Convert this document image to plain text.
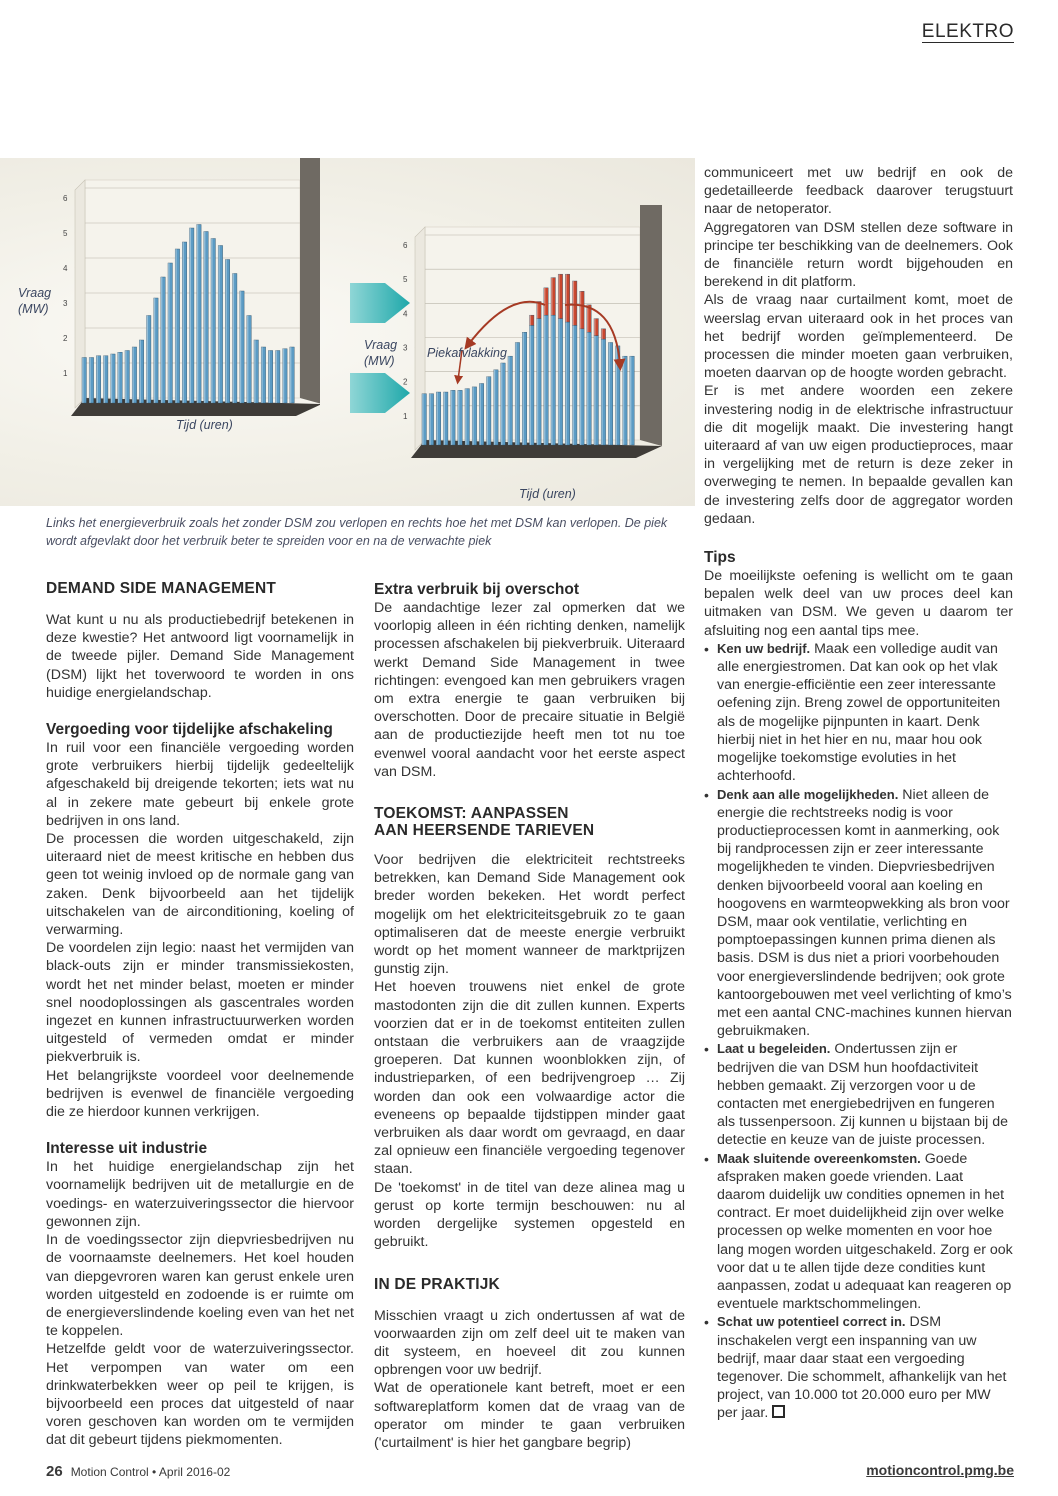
ELEKTRO
1
2
3
4
5
6
1
2
3
4
5
6
Vraag
(MW)
Tijd (uren)
Vraag
(MW)
Tijd (uren)
Piekafvlakking
Links het energieverbruik zoals het zonder DSM zou verlopen en rechts hoe het met DSM kan verlopen. De piek wordt afgevlakt door het verbruik beter te spreiden voor en na de verwachte piek
DEMAND SIDE MANAGEMENT

Wat kunt u nu als productiebedrijf betekenen in deze kwestie? Het antwoord ligt voornamelijk in de tweede pijler. Demand Side Management (DSM) lijkt het toverwoord te worden in ons huidige energielandschap.

Vergoeding voor tijdelijke afschakeling

In ruil voor een financiële vergoeding worden grote verbruikers hierbij tijdelijk gedeeltelijk afgeschakeld bij dreigende tekorten; iets wat nu al in zekere mate gebeurt bij enkele grote bedrijven in ons land.

De processen die worden uitgeschakeld, zijn uiteraard niet de meest kritische en hebben dus geen tot weinig invloed op de normale gang van zaken. Denk bijvoorbeeld aan het tijdelijk uitschakelen van de airconditioning, koeling of verwarming.

De voordelen zijn legio: naast het vermijden van black-outs zijn er minder transmissiekosten, wordt het net minder belast, moeten er minder snel noodoplossingen als gascentrales worden ingezet en kunnen infrastructuurwerken worden uitgesteld of vermeden omdat er minder piekverbruik is.

Het belangrijkste voordeel voor deelnemende bedrijven is evenwel de financiële vergoeding die ze hierdoor kunnen verkrijgen.

Interesse uit industrie

In het huidige energielandschap zijn het voornamelijk bedrijven uit de metallurgie en de voedings- en waterzuiveringssector die hiervoor gewonnen zijn.

In de voedingssector zijn diepvriesbedrijven nu de voornaamste deelnemers. Het koel houden van diepgevroren waren kan gerust enkele uren worden uitgesteld en zodoende is er ruimte om de energieverslindende koeling even van het net te koppelen.

Hetzelfde geldt voor de waterzuiveringssector. Het verpompen van water om een drinkwaterbekken weer op peil te krijgen, is bijvoorbeeld een proces dat uitgesteld of naar voren geschoven kan worden om te vermijden dat dit gebeurt tijdens piekmomenten.

Extra verbruik bij overschot

De aandachtige lezer zal opmerken dat we voorlopig alleen in één richting denken, namelijk processen afschakelen bij piekverbruik. Uiteraard werkt Demand Side Management in twee richtingen: evengoed kan men gebruikers vragen om extra energie te gaan verbruiken bij overschotten. Door de precaire situatie in België aan de productiezijde heeft men tot nu toe evenwel vooral aandacht voor het eerste aspect van DSM.

TOEKOMST: AANPASSEN
AAN HEERSENDE TARIEVEN

Voor bedrijven die elektriciteit rechtstreeks betrekken, kan Demand Side Management ook breder worden bekeken. Het wordt perfect mogelijk om het elektriciteitsgebruik zo te gaan optimaliseren dat de meeste energie verbruikt wordt op het moment wanneer de marktprijzen gunstig zijn.

Het hoeven trouwens niet enkel de grote mastodonten zijn die dit zullen kunnen. Experts voorzien dat er in de toekomst entiteiten zullen ontstaan die verbruikers aan de vraagzijde groeperen. Dat kunnen woonblokken zijn, of industrieparken, of een bedrijvengroep … Zij worden dan ook een volwaardige actor die eveneens op bepaalde tijdstippen minder gaat verbruiken als daar wordt om gevraagd, en daar zal opnieuw een financiële vergoeding tegenover staan.

De 'toekomst' in de titel van deze alinea mag u gerust op korte termijn beschouwen: nu al worden dergelijke systemen opgesteld en gebruikt.

IN DE PRAKTIJK

Misschien vraagt u zich ondertussen af wat de voorwaarden zijn om zelf deel uit te maken van dit systeem, en hoeveel dit zou kunnen opbrengen voor uw bedrijf.

Wat de operationele kant betreft, moet er een softwareplatform komen dat de vraag van de operator om minder te gaan verbruiken ('curtailment' is hier het gangbare begrip)

communiceert met uw bedrijf en ook de gedetailleerde feedback daarover terugstuurt naar de netoperator.

Aggregatoren van DSM stellen deze software in principe ter beschikking van de deelnemers. Ook de financiële return wordt bijgehouden en berekend in dit platform.

Als de vraag naar curtailment komt, moet de weerslag ervan uiteraard ook in het proces van het bedrijf worden geïmplementeerd. De processen die minder moeten gaan verbruiken, moeten daarvan op de hoogte worden gebracht.

Er is met andere woorden een zekere investering nodig in de elektrische infrastructuur die dit mogelijk maakt. Die investering hangt uiteraard af van uw eigen productieproces, maar in vergelijking met de return is deze zeker in overweging te nemen. In bepaalde gevallen kan de investering zelfs door de aggregator worden gedaan.

Tips

De moeilijkste oefening is wellicht om te gaan bepalen welk deel van uw proces deel kan uitmaken van DSM. We geven u daarom ter afsluiting nog een aantal tips mee.

• Ken uw bedrijf. Maak een volledige audit van alle energiestromen. Dat kan ook op het vlak van energie-efficiëntie een zeer interessante oefening zijn. Breng zowel de opportuniteiten als de mogelijke pijnpunten in kaart. Denk hierbij niet in het hier en nu, maar hou ook mogelijke toekomstige evoluties in het achterhoofd.
• Denk aan alle mogelijkheden. Niet alleen de energie die rechtstreeks nodig is voor productieprocessen komt in aanmerking, ook bij randprocessen zijn er zeer interessante mogelijkheden te vinden. Diepvriesbedrijven denken bijvoorbeeld vooral aan koeling en hoogovens en warmteopwekking als bron voor DSM, maar ook ventilatie, verlichting en pomptoepassingen kunnen prima dienen als basis. DSM is dus niet a priori voorbehouden voor energieverslindende bedrijven; ook grote kantoorgebouwen met veel verlichting of kmo’s met een aantal CNC-machines kunnen hiervan gebruikmaken.
• Laat u begeleiden. Ondertussen zijn er bedrijven die van DSM hun hoofdactiviteit hebben gemaakt. Zij verzorgen voor u de contacten met energiebedrijven en fungeren als tussenpersoon. Zij kunnen u bijstaan bij de detectie en keuze van de juiste processen.
• Maak sluitende overeenkomsten. Goede afspraken maken goede vrienden. Laat daarom duidelijk uw condities opnemen in het contract. Er moet duidelijkheid zijn over welke processen op welke momenten en voor hoe lang mogen worden uitgeschakeld. Zorg er ook voor dat u te allen tijde deze condities kunt aanpassen, zodat u adequaat kan reageren op eventuele marktschommelingen.
• Schat uw potentieel correct in. DSM inschakelen vergt een inspanning van uw bedrijf, maar daar staat een vergoeding tegenover. Die schommelt, afhankelijk van het project, van 10.000 tot 20.000 euro per MW per jaar.
26 Motion Control • April 2016-02	motioncontrol.pmg.be
